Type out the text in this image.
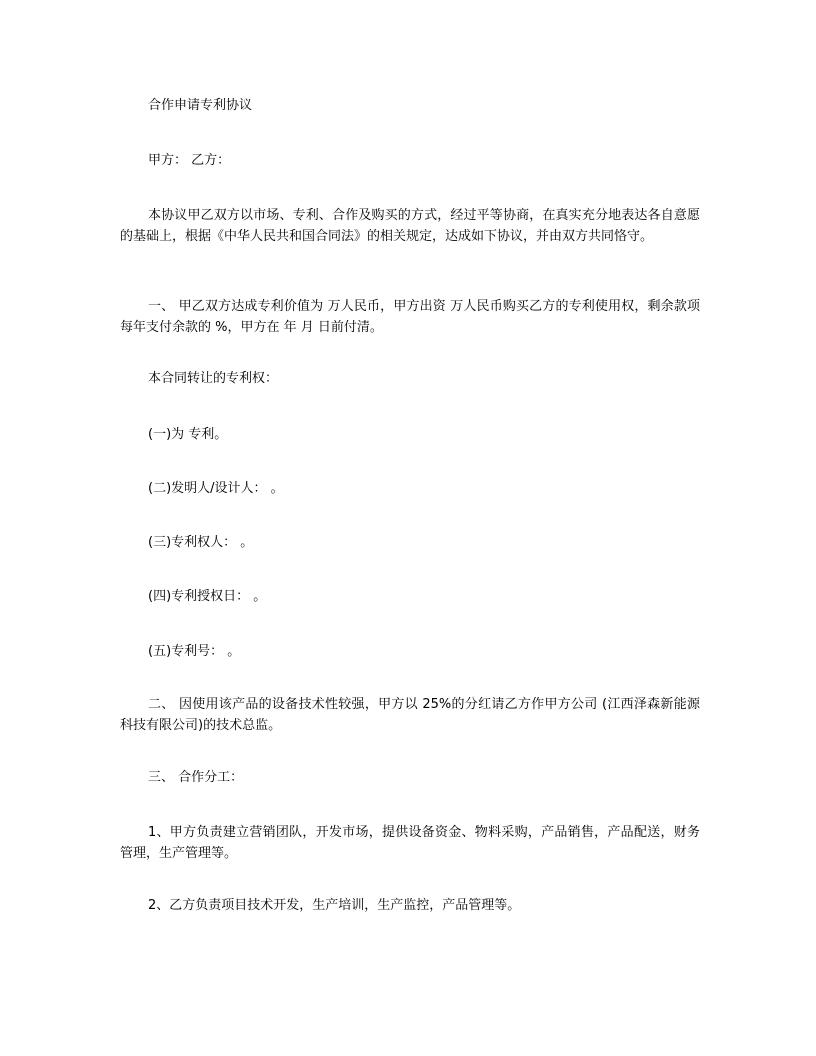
合作申请专利协议
甲方： 乙方：
本协议甲乙双方以市场、专利、合作及购买的方式，经过平等协商，在真实充分地表达各自意愿的基础上，根据《中华人民共和国合同法》的相关规定，达成如下协议，并由双方共同恪守。
一、 甲乙双方达成专利价值为 万人民币，甲方出资 万人民币购买乙方的专利使用权，剩余款项每年支付余款的 %，甲方在 年 月 日前付清。
本合同转让的专利权：
(一)为 专利。
(二)发明人/设计人： 。
(三)专利权人： 。
(四)专利授权日： 。
(五)专利号： 。
二、 因使用该产品的设备技术性较强，甲方以 25%的分红请乙方作甲方公司 (江西泽森新能源科技有限公司)的技术总监。
三、 合作分工：
1、甲方负责建立营销团队，开发市场，提供设备资金、物料采购，产品销售，产品配送，财务管理，生产管理等。
2、乙方负责项目技术开发，生产培训，生产监控，产品管理等。
